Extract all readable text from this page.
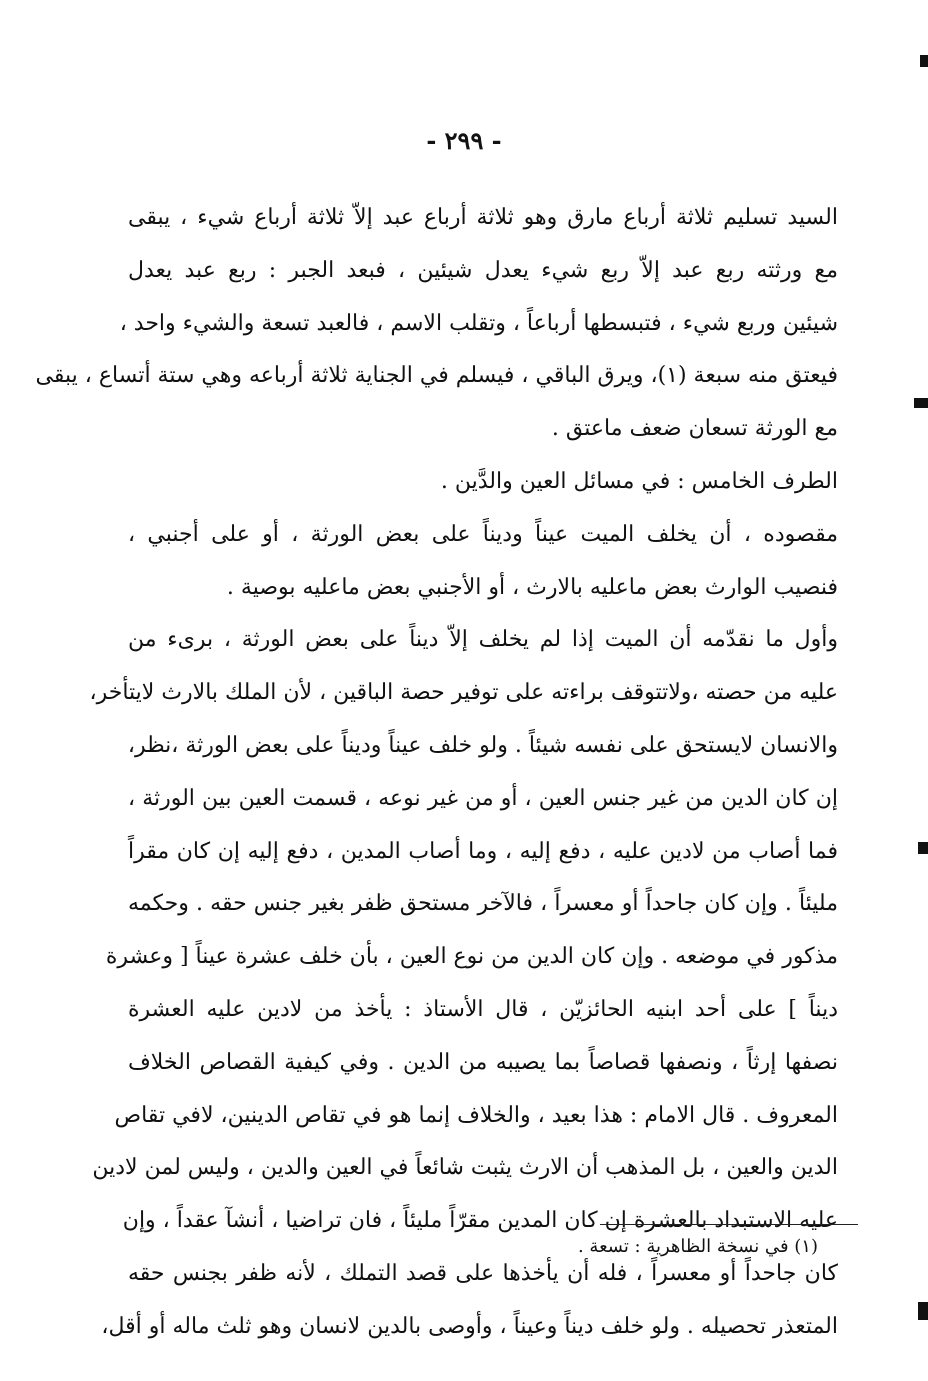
- ٢٩٩ -
السيد تسليم ثلاثة أرباع مارق وهو ثلاثة أرباع عبد إلاّ ثلاثة أرباع شيء ، يبقى
مع ورثته ربع عبد إلاّ ربع شيء يعدل شيئين ، فبعد الجبر : ربع عبد يعدل
شيئين وربع شيء ، فتبسطها أرباعاً ، وتقلب الاسم ، فالعبد تسعة والشيء واحد ،
فيعتق منه سبعة (١)، ويرق الباقي ، فيسلم في الجناية ثلاثة أرباعه وهي ستة أتساع ، يبقى
مع الورثة تسعان ضعف ماعتق .
الطرف الخامس : في مسائل العين والدَّين .
مقصوده ، أن يخلف الميت عيناً وديناً على بعض الورثة ، أو على أجنبي ،
فنصيب الوارث بعض ماعليه بالارث ، أو الأجنبي بعض ماعليه بوصية .
وأول ما نقدّمه أن الميت إذا لم يخلف إلاّ ديناً على بعض الورثة ، برىء من
عليه من حصته ،ولاتتوقف براءته على توفير حصة الباقين ، لأن الملك بالارث لايتأخر،
والانسان لايستحق على نفسه شيئاً . ولو خلف عيناً وديناً على بعض الورثة ،نظر،
إن كان الدين من غير جنس العين ، أو من غير نوعه ، قسمت العين بين الورثة ،
فما أصاب من لادين عليه ، دفع إليه ، وما أصاب المدين ، دفع إليه إن كان مقراً
مليئاً . وإن كان جاحداً أو معسراً ، فالآخر مستحق ظفر بغير جنس حقه . وحكمه
مذكور في موضعه . وإن كان الدين من نوع العين ، بأن خلف عشرة عيناً [ وعشرة
ديناً ] على أحد ابنيه الحائزيّن ، قال الأستاذ : يأخذ من لادين عليه العشرة
نصفها إرثاً ، ونصفها قصاصاً بما يصيبه من الدين . وفي كيفية القصاص الخلاف
المعروف . قال الامام : هذا بعيد ، والخلاف إنما هو في تقاص الدينين، لافي تقاص
الدين والعين ، بل المذهب أن الارث يثبت شائعاً في العين والدين ، وليس لمن لادين
عليه الاستبداد بالعشرة إن كان المدين مقرّاً مليئاً ، فان تراضيا ، أنشآ عقداً ، وإن
كان جاحداً أو معسراً ، فله أن يأخذها على قصد التملك ، لأنه ظفر بجنس حقه
المتعذر تحصيله . ولو خلف ديناً وعيناً ، وأوصى بالدين لانسان وهو ثلث ماله أو أقل،
(١) في نسخة الظاهرية : تسعة .
